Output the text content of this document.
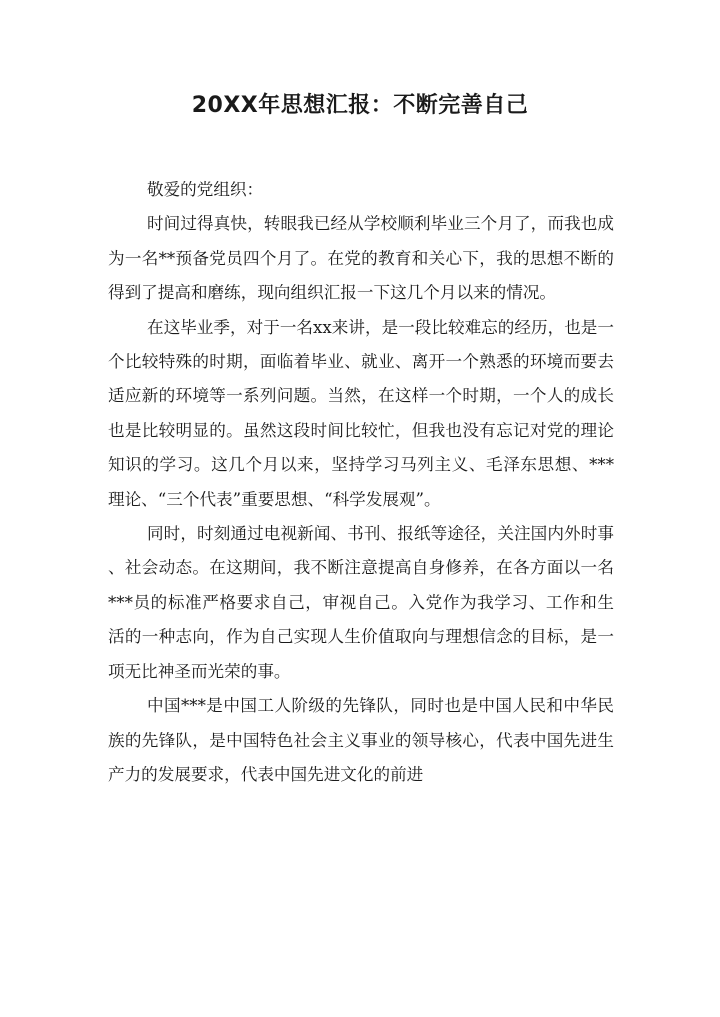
20XX年思想汇报：不断完善自己

敬爱的党组织：

时间过得真快，转眼我已经从学校顺利毕业三个月了，而我也成为一名**预备党员四个月了。在党的教育和关心下，我的思想不断的得到了提高和磨练，现向组织汇报一下这几个月以来的情况。

在这毕业季，对于一名xx来讲，是一段比较难忘的经历，也是一个比较特殊的时期，面临着毕业、就业、离开一个熟悉的环境而要去适应新的环境等一系列问题。当然，在这样一个时期，一个人的成长也是比较明显的。虽然这段时间比较忙，但我也没有忘记对党的理论知识的学习。这几个月以来，坚持学习马列主义、毛泽东思想、***理论、“三个代表”重要思想、“科学发展观”。

同时，时刻通过电视新闻、书刊、报纸等途径，关注国内外时事、社会动态。在这期间，我不断注意提高自身修养，在各方面以一名***员的标准严格要求自己，审视自己。入党作为我学习、工作和生活的一种志向，作为自己实现人生价值取向与理想信念的目标，是一项无比神圣而光荣的事。

中国***是中国工人阶级的先锋队，同时也是中国人民和中华民族的先锋队，是中国特色社会主义事业的领导核心，代表中国先进生产力的发展要求，代表中国先进文化的前进
